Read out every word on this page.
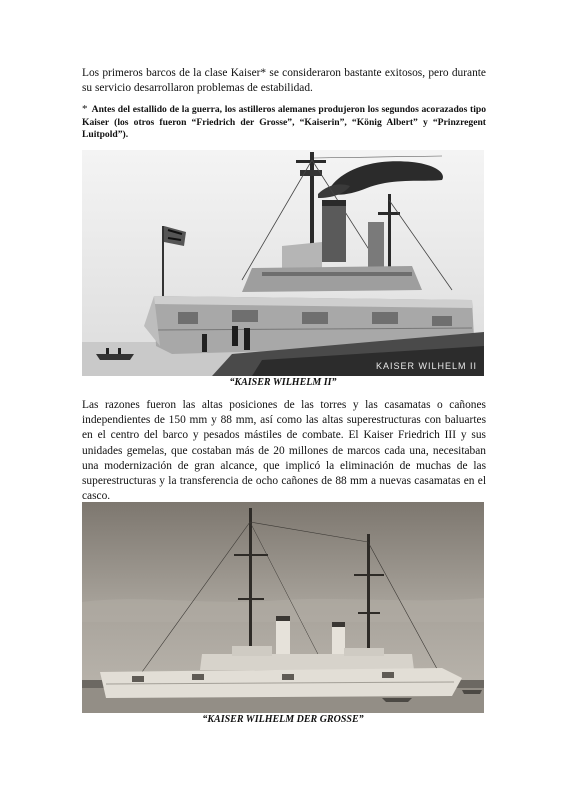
Los primeros barcos de la clase Kaiser* se consideraron bastante exitosos, pero durante su servicio desarrollaron problemas de estabilidad.

* Antes del estallido de la guerra, los astilleros alemanes produjeron los segundos acorazados tipo Kaiser (los otros fueron “Friedrich der Grosse”, “Kaiserin”, “König Albert” y “Prinzregent Luitpold”).

KAISER WILHELM II
“KAISER WILHELM II”

Las razones fueron las altas posiciones de las torres y las casamatas o cañones independientes de 150 mm y 88 mm, así como las altas superestructuras con baluartes en el centro del barco y pesados mástiles de combate. El Kaiser Friedrich III y sus unidades gemelas, que costaban más de 20 millones de marcos cada una, necesitaban una modernización de gran alcance, que implicó la eliminación de muchas de las superestructuras y la transferencia de ocho cañones de 88 mm a nuevas casamatas en el casco.

“KAISER WILHELM DER GROSSE”
